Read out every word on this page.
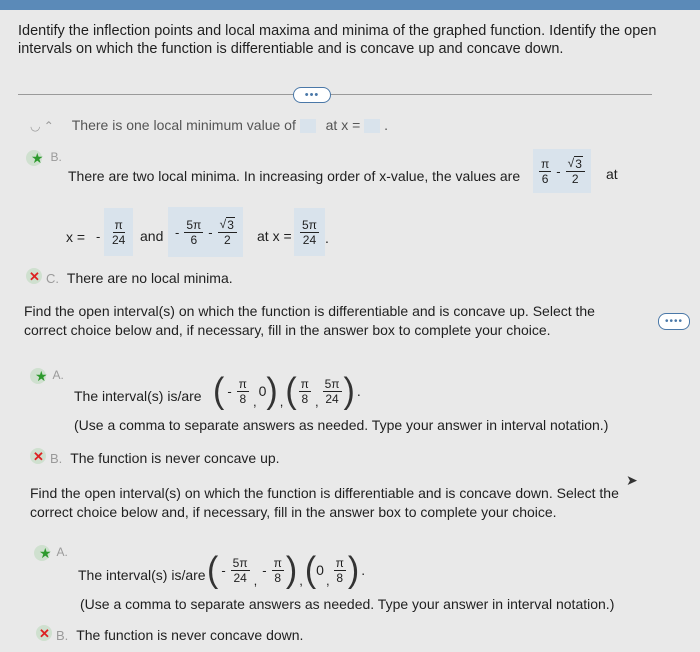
Identify the inflection points and local maxima and minima of the graphed function. Identify the open intervals on which the function is differentiable and is concave up and concave down.
•••
••••
◡ ⌃ There is one local minimum value of at x = .

★ $^{B.}$
There are two local minima. In increasing order of x-value, the values are $\frac{\pi}{6} - \frac{√ 3}{2}$ at
x = - $\frac{\pi}{24}$ and - $\frac{5\pi}{6} - \frac{√ 3}{2}$ at $x = \frac{5\pi}{24}$ .
✕ C. There are no local minima.
Find the open interval(s) on which the function is differentiable and is concave up. Select the correct choice below and, if necessary, fill in the answer box to complete your choice.

★ $^{A.}$
The interval(s) is/are ( - $\frac{\pi}{8}$ ,
0 ) , ( $\frac{\pi}{8}$ , $\frac{5\pi}{24}$ ) .
(Use a comma to separate answers as needed. Type your answer in interval notation.)
✕ B. The function is never concave up.
Find the open interval(s) on which the function is differentiable and is concave down. Select the correct choice below and, if necessary, fill in the answer box to complete your choice.
➤

★ $^{A.}$
The interval(s) is/are ( - $\frac{5\pi}{24}$ ,
- $\frac{\pi}{8}$ ) , ( 0
, $\frac{\pi}{8}$ ) .
(Use a comma to separate answers as needed. Type your answer in interval notation.)
✕ B. The function is never concave down.
